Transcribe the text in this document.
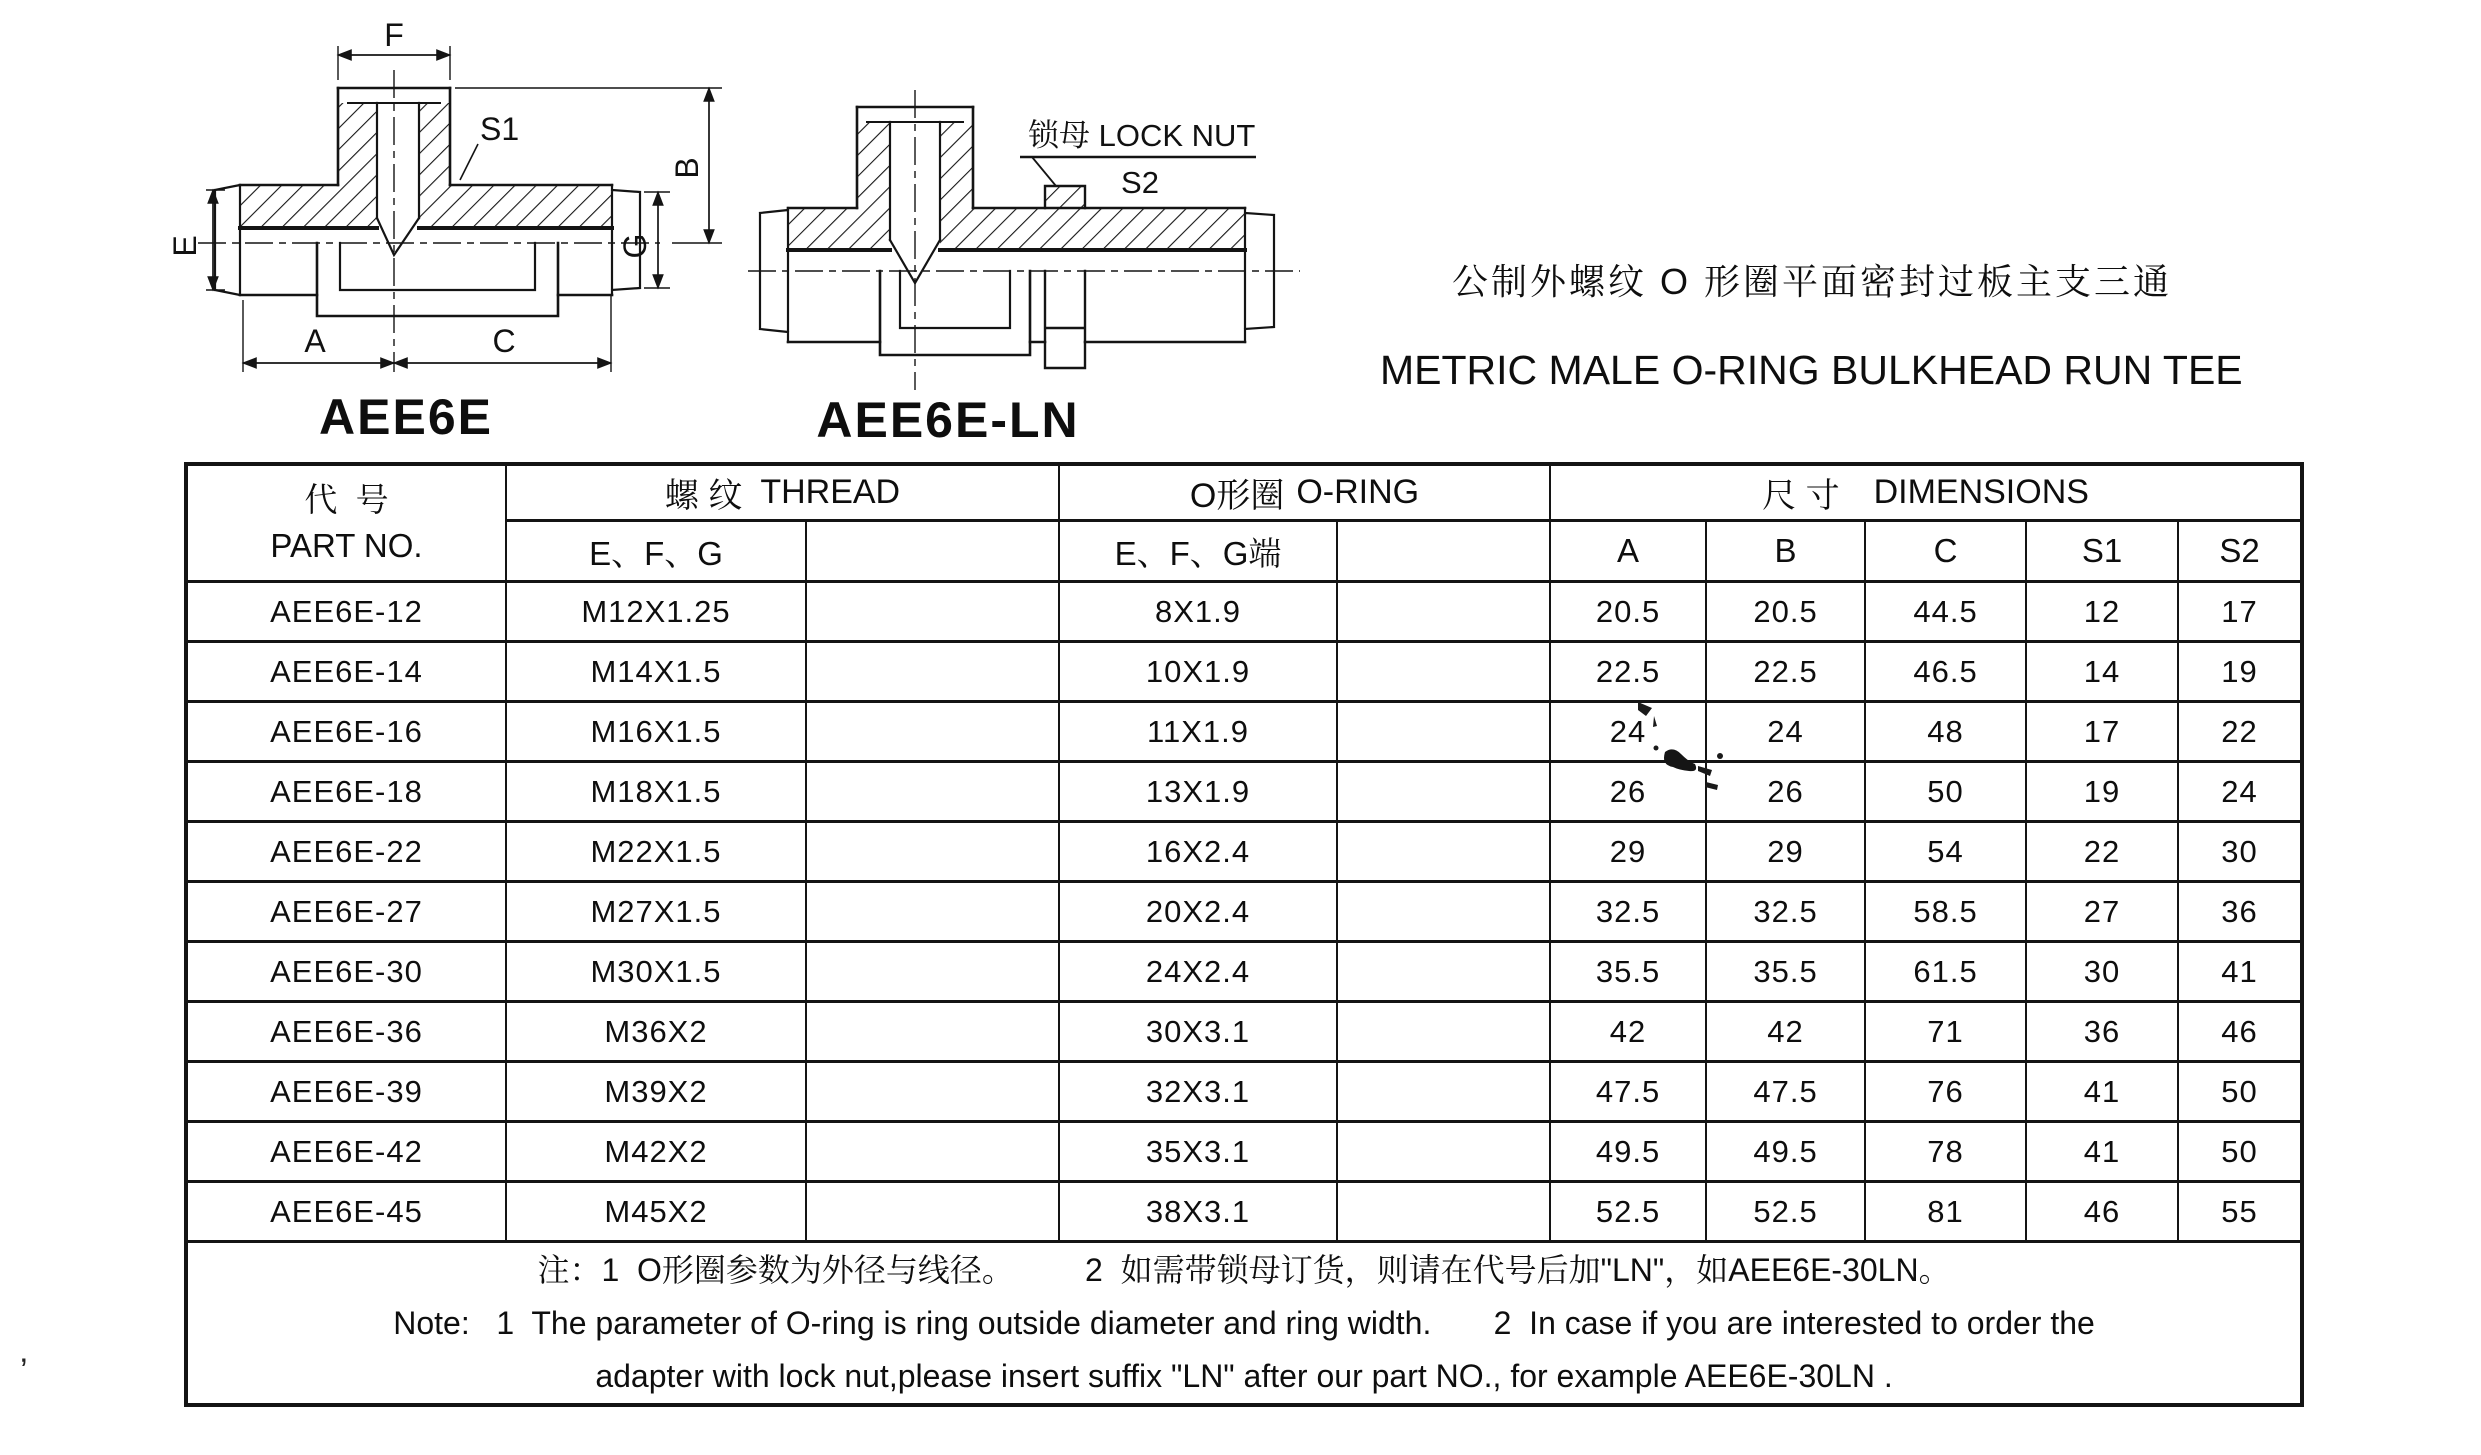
F
S1
B
G
E
A	C
AEE6E
锁母 LOCK NUT
S2
AEE6E-LN
公制外螺纹 O 形圈平面密封过板主支三通
METRIC MALE O-RING BULKHEAD RUN TEE
代  号
PART NO.

螺 纹 THREAD	O形圈 O-RING	尺 寸 DIMENSIONS

	E、F、G		E、F、G端		A	B	C	S1	S2
AEE6E-12	M12X1.25		8X1.9		20.5	20.5	44.5	12	17
AEE6E-14	M14X1.5		10X1.9		22.5	22.5	46.5	14	19
AEE6E-16	M16X1.5		11X1.9		24	24	48	17	22
AEE6E-18	M18X1.5		13X1.9		26	26	50	19	24
AEE6E-22	M22X1.5		16X2.4		29	29	54	22	30
AEE6E-27	M27X1.5		20X2.4		32.5	32.5	58.5	27	36
AEE6E-30	M30X1.5		24X2.4		35.5	35.5	61.5	30	41
AEE6E-36	M36X2		30X3.1		42	42	71	36	46
AEE6E-39	M39X2		32X3.1		47.5	47.5	76	41	50
AEE6E-42	M42X2		35X3.1		49.5	49.5	78	41	50
AEE6E-45	M45X2		38X3.1		52.5	52.5	81	46	55

注：1  O形圈参数为外径与线径。        2  如需带锁母订货，则请在代号后加"LN"，如AEE6E-30LN。
Note:   1  The parameter of O-ring is ring outside diameter and ring width.       2  In case if you are interested to order the
adapter with lock nut,please insert suffix "LN" after our part NO., for example AEE6E-30LN .									
’
